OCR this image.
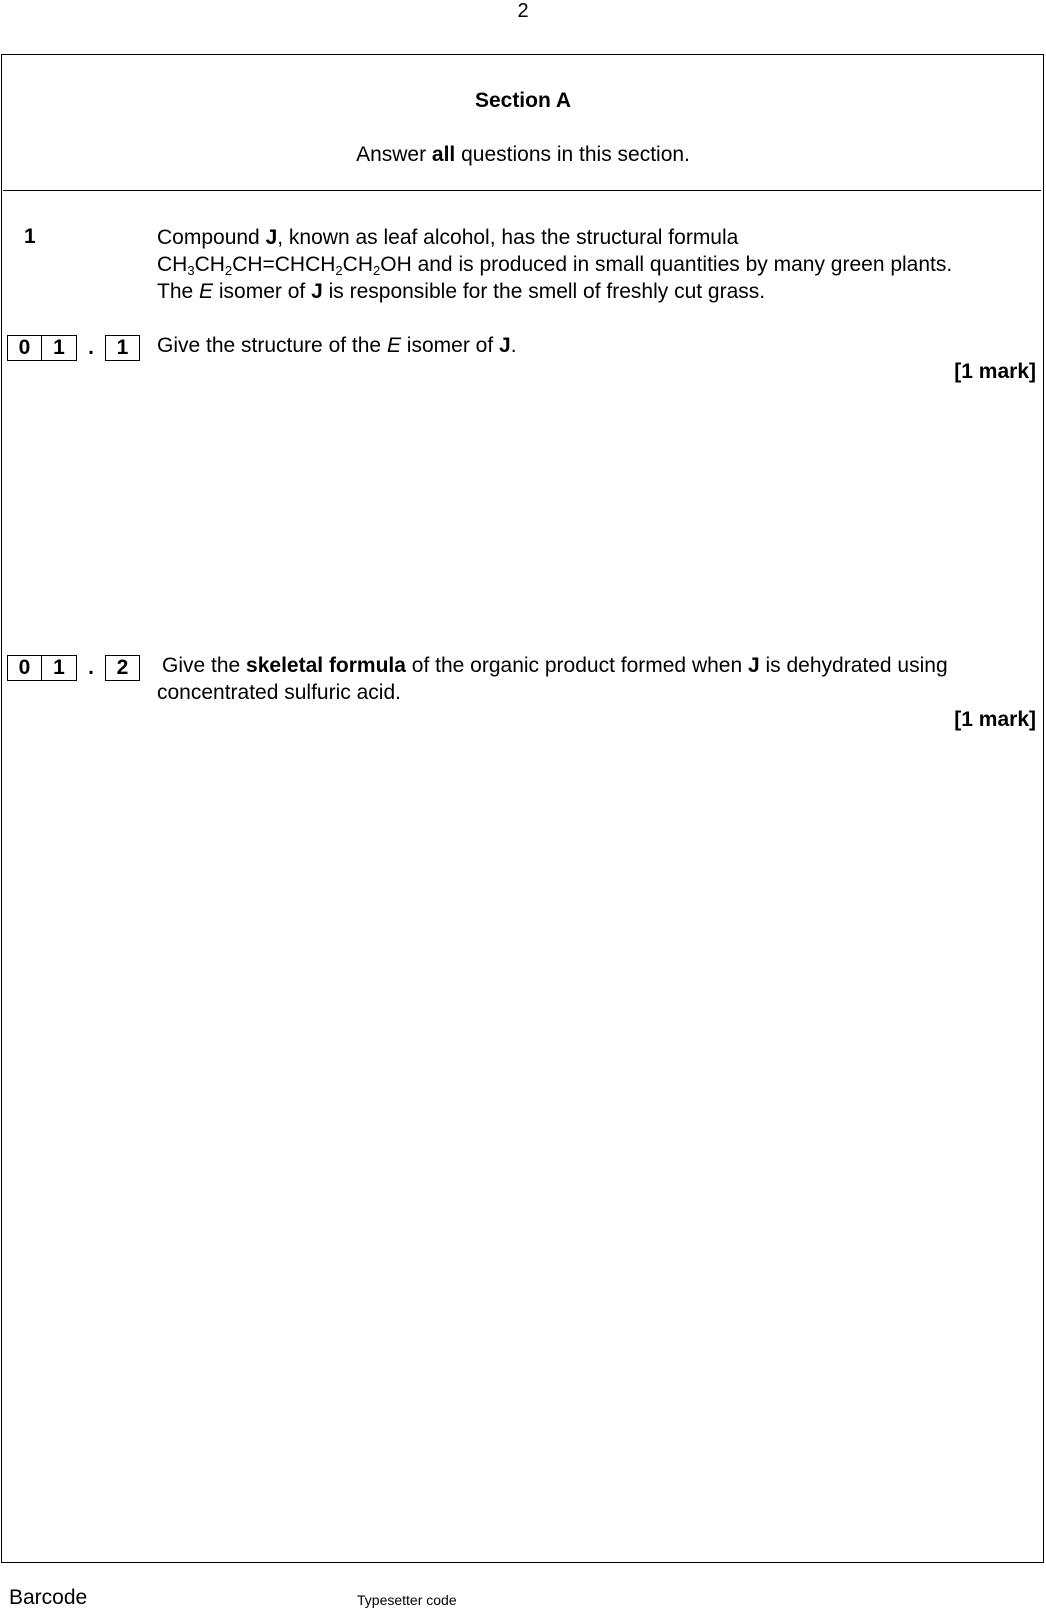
2
Section A
Answer all questions in this section.
1	Compound J, known as leaf alcohol, has the structural formula
$CH_3CH_2CH=CHCH_2CH_2OH$ and is produced in small quantities by many green plants.
The E isomer of J is responsible for the smell of freshly cut grass.
0	1	.	1	Give the structure of the E isomer of J.
[1 mark]
0	1	.	2	Give the skeletal formula of the organic product formed when J is dehydrated using
concentrated sulfuric acid.
[1 mark]
Barcode	Typesetter code
